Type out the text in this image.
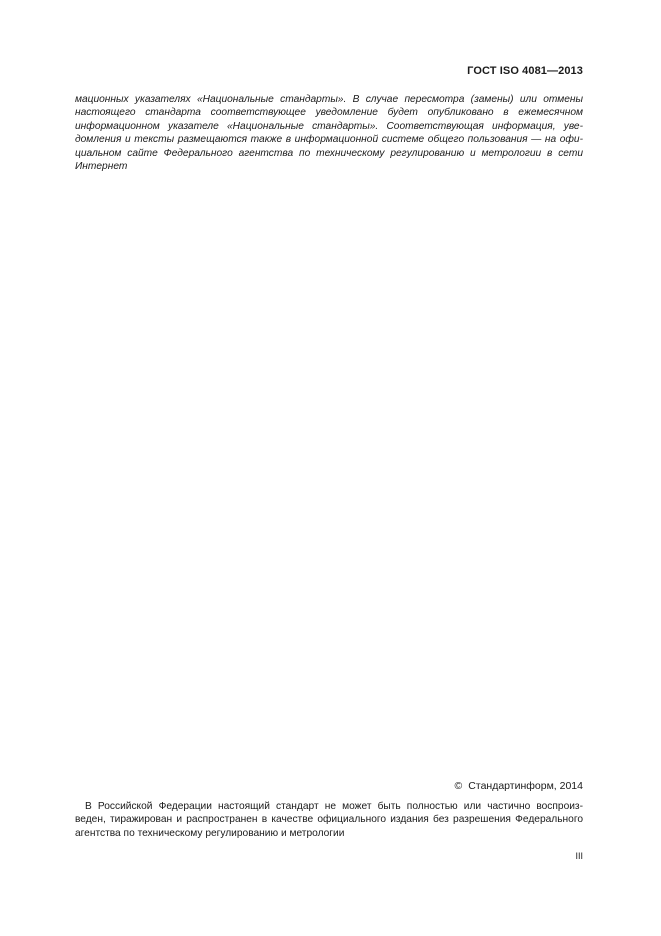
ГОСТ ISO 4081—2013
мационных указателях «Национальные стандарты». В случае пересмотра (замены) или отмены
настоящего стандарта соответствующее уведомление будет опубликовано в ежемесячном
информационном указателе «Национальные стандарты». Соответствующая информация, уве-
домления и тексты размещаются также в информационной системе общего пользования — на офи-
циальном сайте Федерального агентства по техническому регулированию и метрологии в сети
Интернет
© Стандартинформ, 2014
В Российской Федерации настоящий стандарт не может быть полностью или частично воспроиз-
веден, тиражирован и распространен в качестве официального издания без разрешения Федерального
агентства по техническому регулированию и метрологии
III
